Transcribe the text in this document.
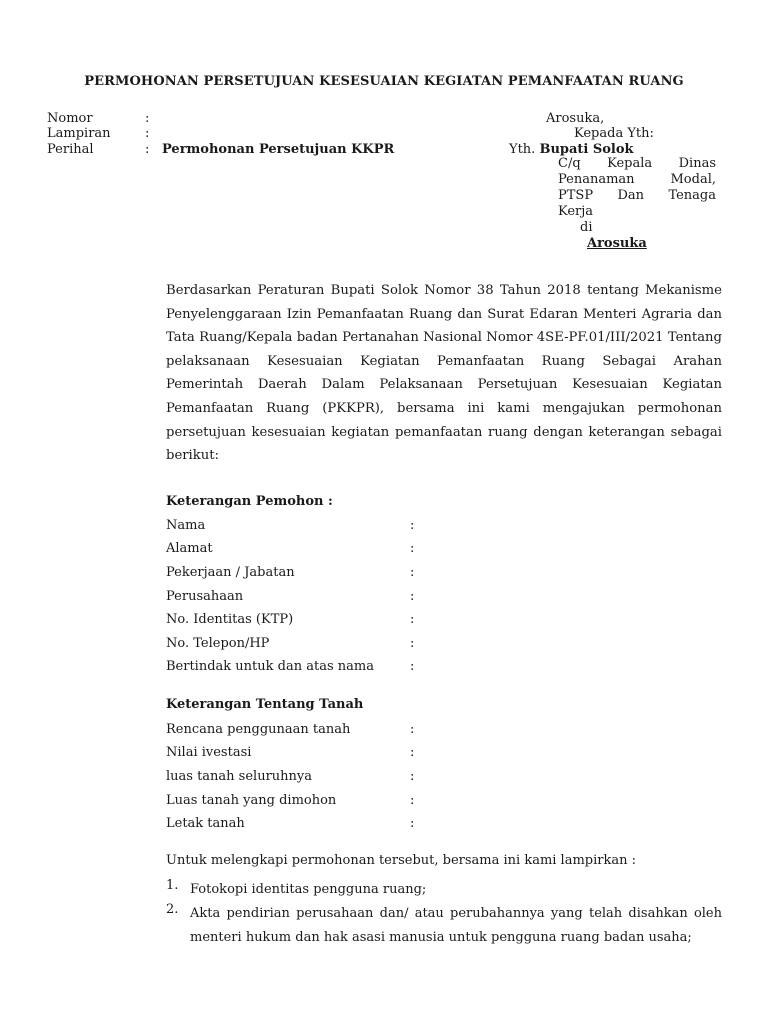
PERMOHONAN PERSETUJUAN KESESUAIAN KEGIATAN PEMANFAATAN RUANG
Nomor	:
Lampiran	:
Perihal	: Permohonan Persetujuan KKPR
Arosuka,
Kepada Yth:
Yth. Bupati Solok
C/q Kepala Dinas
Penanaman Modal,
PTSP Dan Tenaga
Kerja
di
Arosuka
Berdasarkan Peraturan Bupati Solok Nomor 38 Tahun 2018 tentang Mekanisme Penyelenggaraan Izin Pemanfaatan Ruang dan Surat Edaran Menteri Agraria dan Tata Ruang/Kepala badan Pertanahan Nasional Nomor 4SE-PF.01/III/2021 Tentang pelaksanaan Kesesuaian Kegiatan Pemanfaatan Ruang Sebagai Arahan Pemerintah Daerah Dalam Pelaksanaan Persetujuan Kesesuaian Kegiatan Pemanfaatan Ruang (PKKPR), bersama ini kami mengajukan permohonan persetujuan kesesuaian kegiatan pemanfaatan ruang dengan keterangan sebagai berikut:
Keterangan Pemohon :
Nama	:
Alamat	:
Pekerjaan / Jabatan	:
Perusahaan	:
No. Identitas (KTP)	:
No. Telepon/HP	:
Bertindak untuk dan atas nama	:
Keterangan Tentang Tanah
Rencana penggunaan tanah	:
Nilai ivestasi	:
luas tanah seluruhnya	:
Luas tanah yang dimohon	:
Letak tanah	:
Untuk melengkapi permohonan tersebut, bersama ini kami lampirkan :
1. Fotokopi identitas pengguna ruang;
2. Akta pendirian perusahaan dan/ atau perubahannya yang telah disahkan oleh menteri hukum dan hak asasi manusia untuk pengguna ruang badan usaha;
